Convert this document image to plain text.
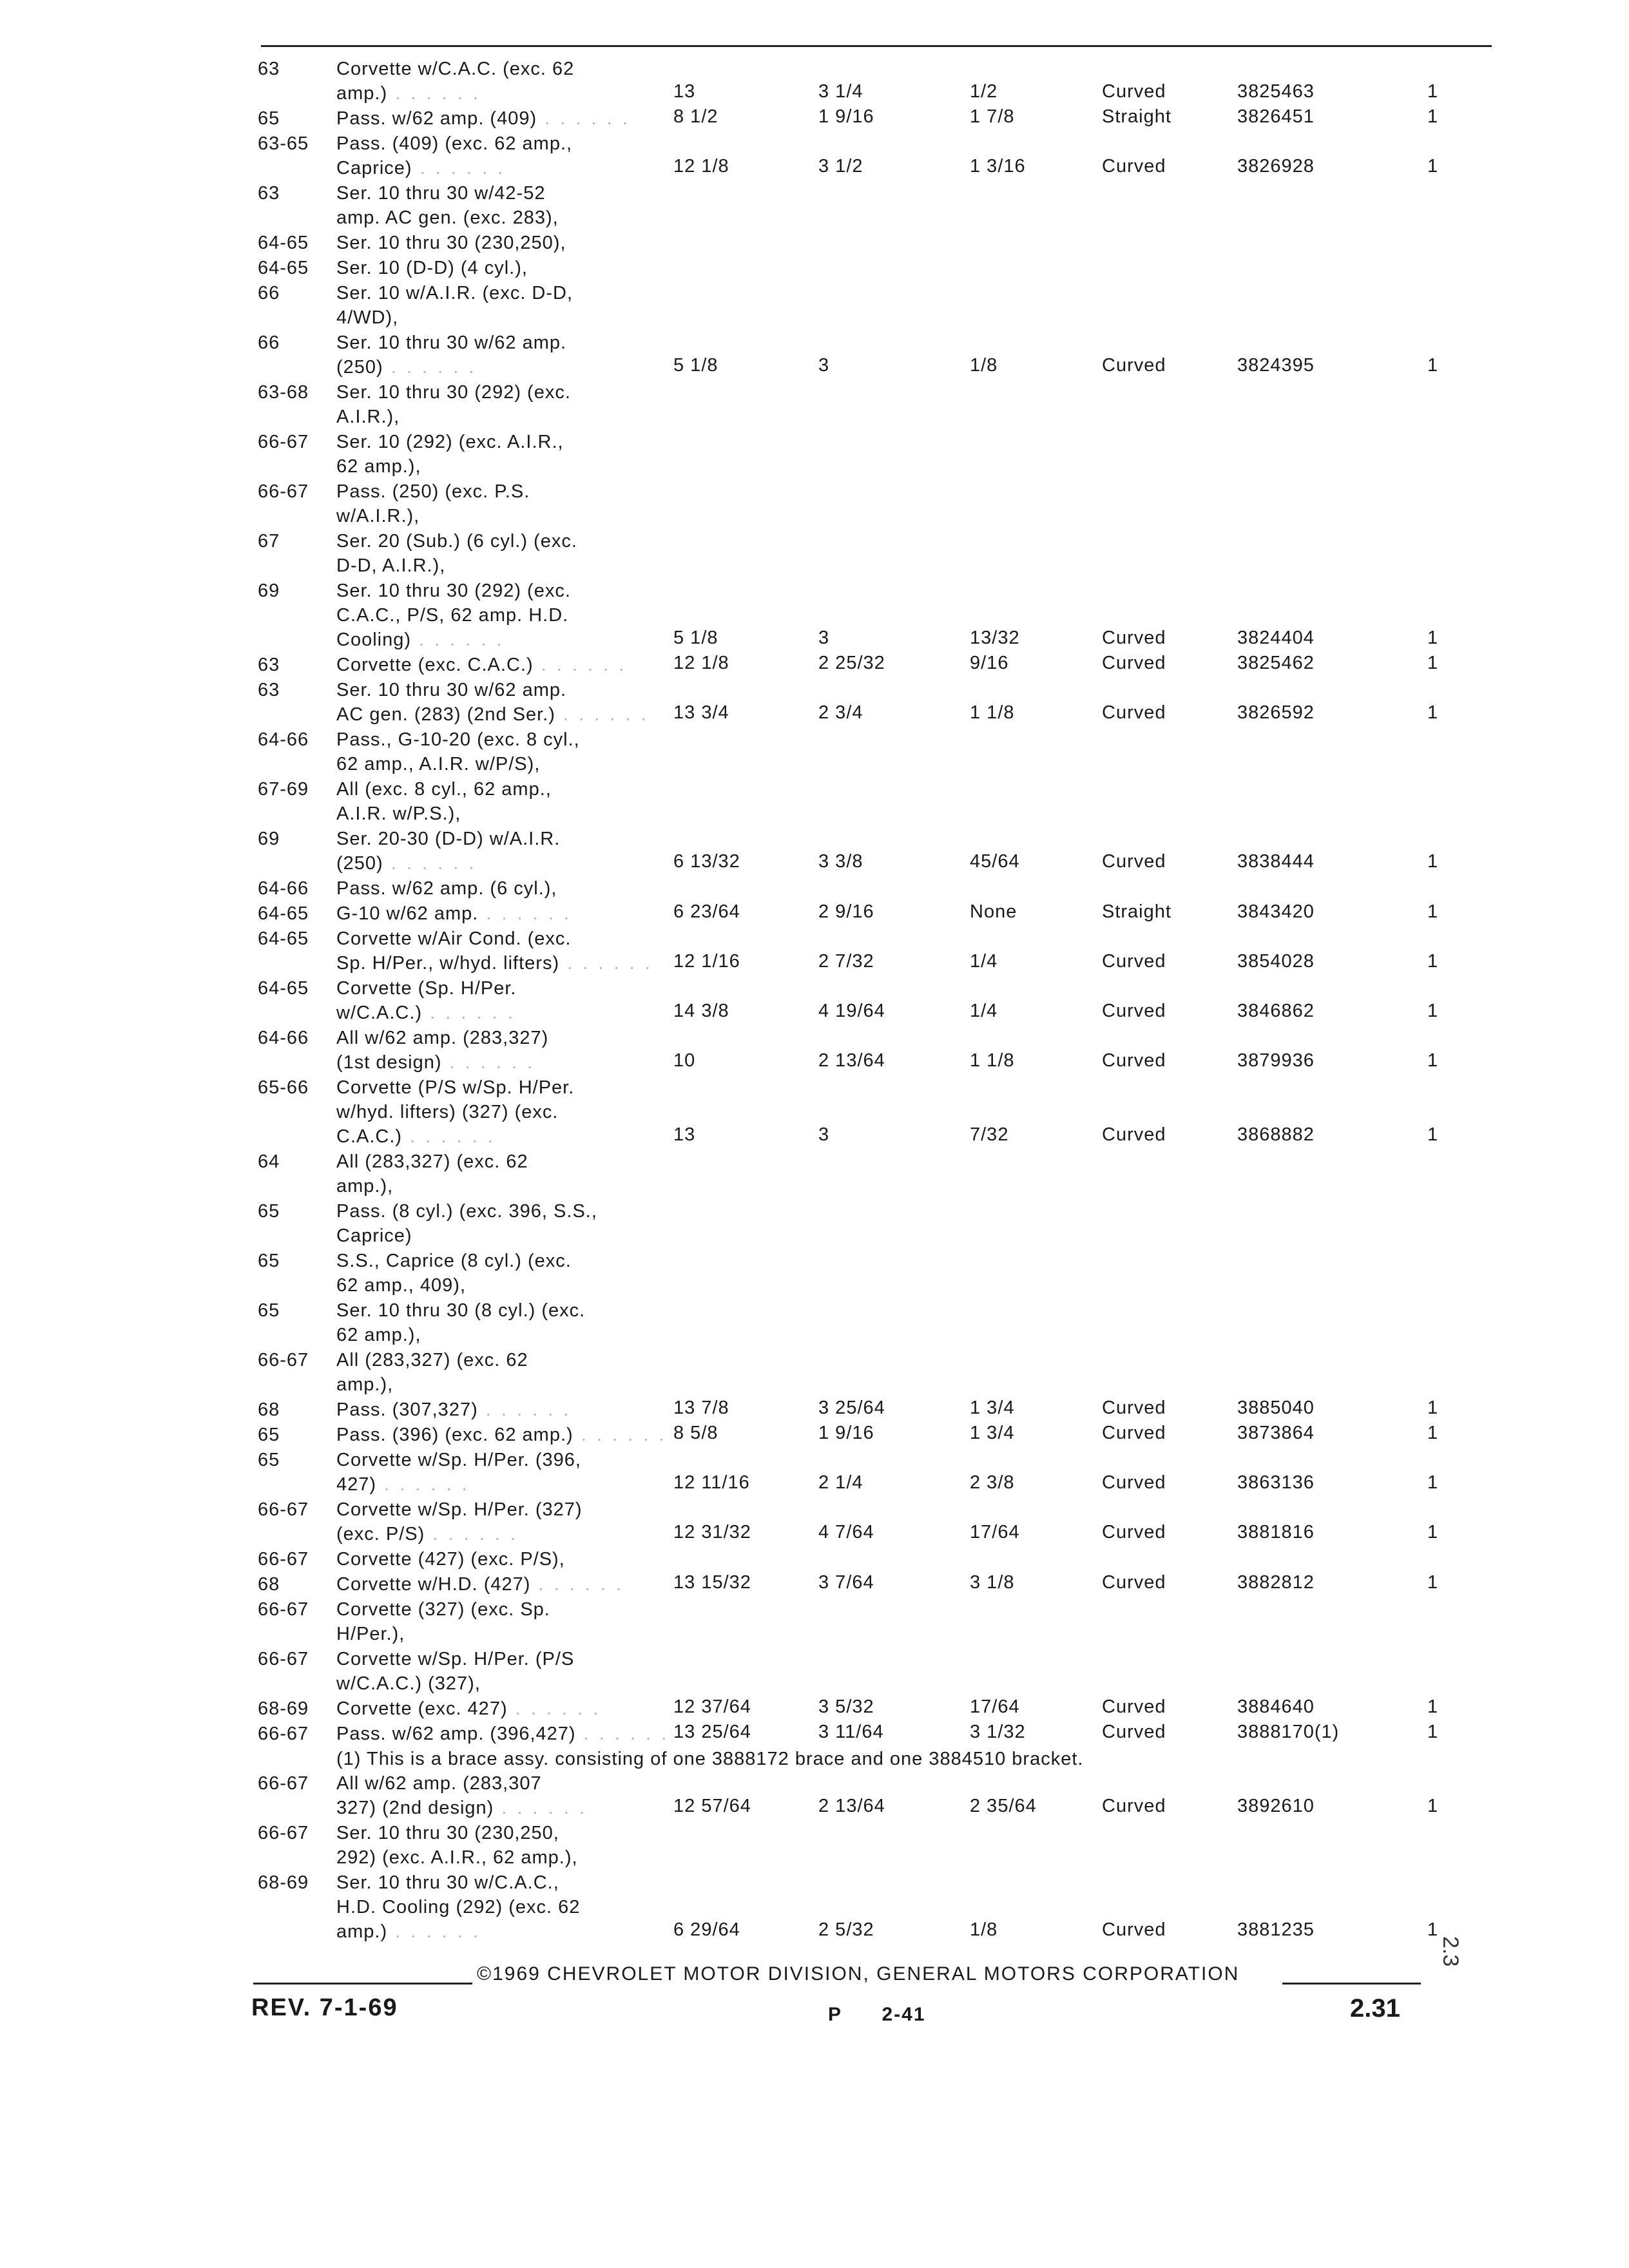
63	Corvette w/C.A.C. (exc. 62
amp.) . . . . . .	13	3 1/4	1/2	Curved	3825463	1
65	Pass. w/62 amp. (409) . . . . . . 8 1/2	1 9/16	1 7/8	Straight	3826451	1
63-65 Pass. (409) (exc. 62 amp.,
Caprice) . . . . . .	12 1/8	3 1/2	1 3/16	Curved	3826928	1
63	Ser. 10 thru 30 w/42-52
amp. AC gen. (exc. 283),
64-65 Ser. 10 thru 30 (230,250),
64-65 Ser. 10 (D-D) (4 cyl.),
66	Ser. 10 w/A.I.R. (exc. D-D,
4/WD),
66	Ser. 10 thru 30 w/62 amp.
(250) . . . . . .	5 1/8	3	1/8	Curved	3824395	1
63-68 Ser. 10 thru 30 (292) (exc.
A.I.R.),
66-67 Ser. 10 (292) (exc. A.I.R.,
62 amp.),
66-67 Pass. (250) (exc. P.S.
w/A.I.R.),
67	Ser. 20 (Sub.) (6 cyl.) (exc.
D-D, A.I.R.),
69	Ser. 10 thru 30 (292) (exc.
C.A.C., P/S, 62 amp. H.D.
Cooling) . . . . . .	5 1/8	3	13/32	Curved	3824404	1
63	Corvette (exc. C.A.C.) . . . . . .	12 1/8	2 25/32	9/16	Curved	3825462	1
63	Ser. 10 thru 30 w/62 amp.
AC gen. (283) (2nd Ser.) . . . . . . 13 3/4	2 3/4	1 1/8	Curved	3826592	1
64-66 Pass., G-10-20 (exc. 8 cyl.,
62 amp., A.I.R. w/P/S),
67-69 All (exc. 8 cyl., 62 amp.,
A.I.R. w/P.S.),
69	Ser. 20-30 (D-D) w/A.I.R.
(250) . . . . . .	6 13/32	3 3/8	45/64	Curved	3838444	1
64-66 Pass. w/62 amp. (6 cyl.),
64-65 G-10 w/62 amp. . . . . . .	6 23/64	2 9/16	None	Straight	3843420	1
64-65 Corvette w/Air Cond. (exc.
Sp. H/Per., w/hyd. lifters) . . . . . . 12 1/16	2 7/32	1/4	Curved	3854028	1
64-65 Corvette (Sp. H/Per.
w/C.A.C.) . . . . . .	14 3/8	4 19/64	1/4	Curved	3846862	1
64-66 All w/62 amp. (283,327)
(1st design) . . . . . .	10	2 13/64	1 1/8	Curved	3879936	1
65-66 Corvette (P/S w/Sp. H/Per.
w/hyd. lifters) (327) (exc.
C.A.C.) . . . . . .	13	3	7/32	Curved	3868882	1
64	All (283,327) (exc. 62
amp.),
65	Pass. (8 cyl.) (exc. 396, S.S.,
Caprice)
65	S.S., Caprice (8 cyl.) (exc.
62 amp., 409),
65	Ser. 10 thru 30 (8 cyl.) (exc.
62 amp.),
66-67 All (283,327) (exc. 62
amp.),
68	Pass. (307,327) . . . . . .	13 7/8	3 25/64	1 3/4	Curved	3885040	1
65	Pass. (396) (exc. 62 amp.) . . . . . . 8 5/8	1 9/16	1 3/4	Curved	3873864	1
65	Corvette w/Sp. H/Per. (396,
427) . . . . . .	12 11/16	2 1/4	2 3/8	Curved	3863136	1
66-67 Corvette w/Sp. H/Per. (327)
(exc. P/S) . . . . . .	12 31/32	4 7/64	17/64	Curved	3881816	1
66-67 Corvette (427) (exc. P/S),
68	Corvette w/H.D. (427) . . . . . .	13 15/32	3 7/64	3 1/8	Curved	3882812	1
66-67 Corvette (327) (exc. Sp.
H/Per.),
66-67 Corvette w/Sp. H/Per. (P/S
w/C.A.C.) (327),
68-69 Corvette (exc. 427) . . . . . .	12 37/64	3 5/32	17/64	Curved	3884640	1
66-67 Pass. w/62 amp. (396,427) . . . . . . 13 25/64	3 11/64	3 1/32	Curved	3888170(1)	1
(1) This is a brace assy. consisting of one 3888172 brace and one 3884510 bracket.
66-67 All w/62 amp. (283,307
327) (2nd design) . . . . . .	12 57/64	2 13/64	2 35/64	Curved	3892610	1
66-67 Ser. 10 thru 30 (230,250,
292) (exc. A.I.R., 62 amp.),
68-69 Ser. 10 thru 30 w/C.A.C.,
H.D. Cooling (292) (exc. 62
amp.) . . . . . .	6 29/64	2 5/32	1/8	Curved	3881235	1
©1969 CHEVROLET MOTOR DIVISION, GENERAL MOTORS CORPORATION
REV. 7-1-69	P      2-41	2.31
2.3
